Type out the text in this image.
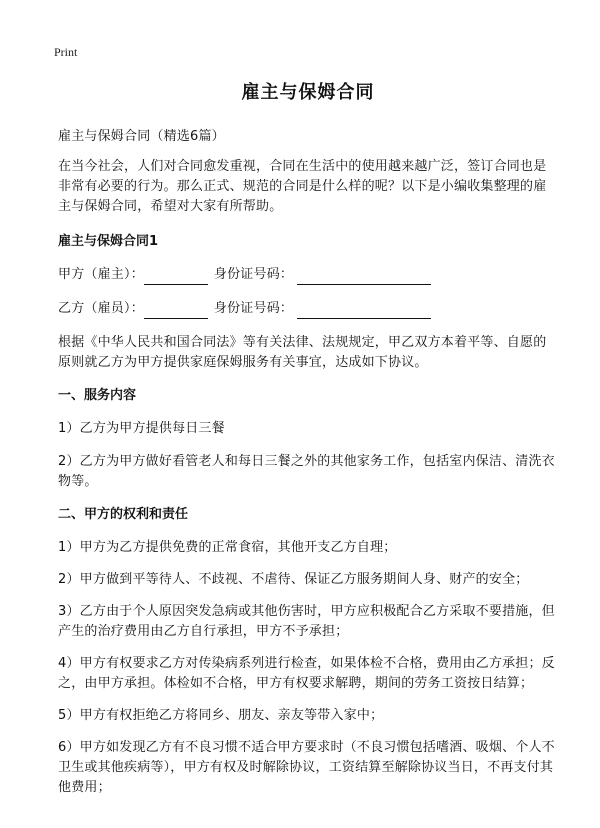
Print
雇主与保姆合同

雇主与保姆合同（精选6篇）

在当今社会，人们对合同愈发重视，合同在生活中的使用越来越广泛，签订合同也是非常有必要的行为。那么正式、规范的合同是什么样的呢？以下是小编收集整理的雇主与保姆合同，希望对大家有所帮助。

雇主与保姆合同1

甲方（雇主）：	身份证号码：

乙方（雇员）：	身份证号码：

根据《中华人民共和国合同法》等有关法律、法规规定，甲乙双方本着平等、自愿的原则就乙方为甲方提供家庭保姆服务有关事宜，达成如下协议。

一、服务内容

1）乙方为甲方提供每日三餐

2）乙方为甲方做好看管老人和每日三餐之外的其他家务工作，包括室内保洁、清洗衣物等。

二、甲方的权利和责任

1）甲方为乙方提供免费的正常食宿，其他开支乙方自理；

2）甲方做到平等待人、不歧视、不虐待、保证乙方服务期间人身、财产的安全；

3）乙方由于个人原因突发急病或其他伤害时，甲方应积极配合乙方采取不要措施，但产生的治疗费用由乙方自行承担，甲方不予承担；

4）甲方有权要求乙方对传染病系列进行检查，如果体检不合格，费用由乙方承担；反之，由甲方承担。体检如不合格，甲方有权要求解聘，期间的劳务工资按日结算；

5）甲方有权拒绝乙方将同乡、朋友、亲友等带入家中；

6）甲方如发现乙方有不良习惯不适合甲方要求时（不良习惯包括嗜酒、吸烟、个人不卫生或其他疾病等），甲方有权及时解除协议，工资结算至解除协议当日，不再支付其他费用；
